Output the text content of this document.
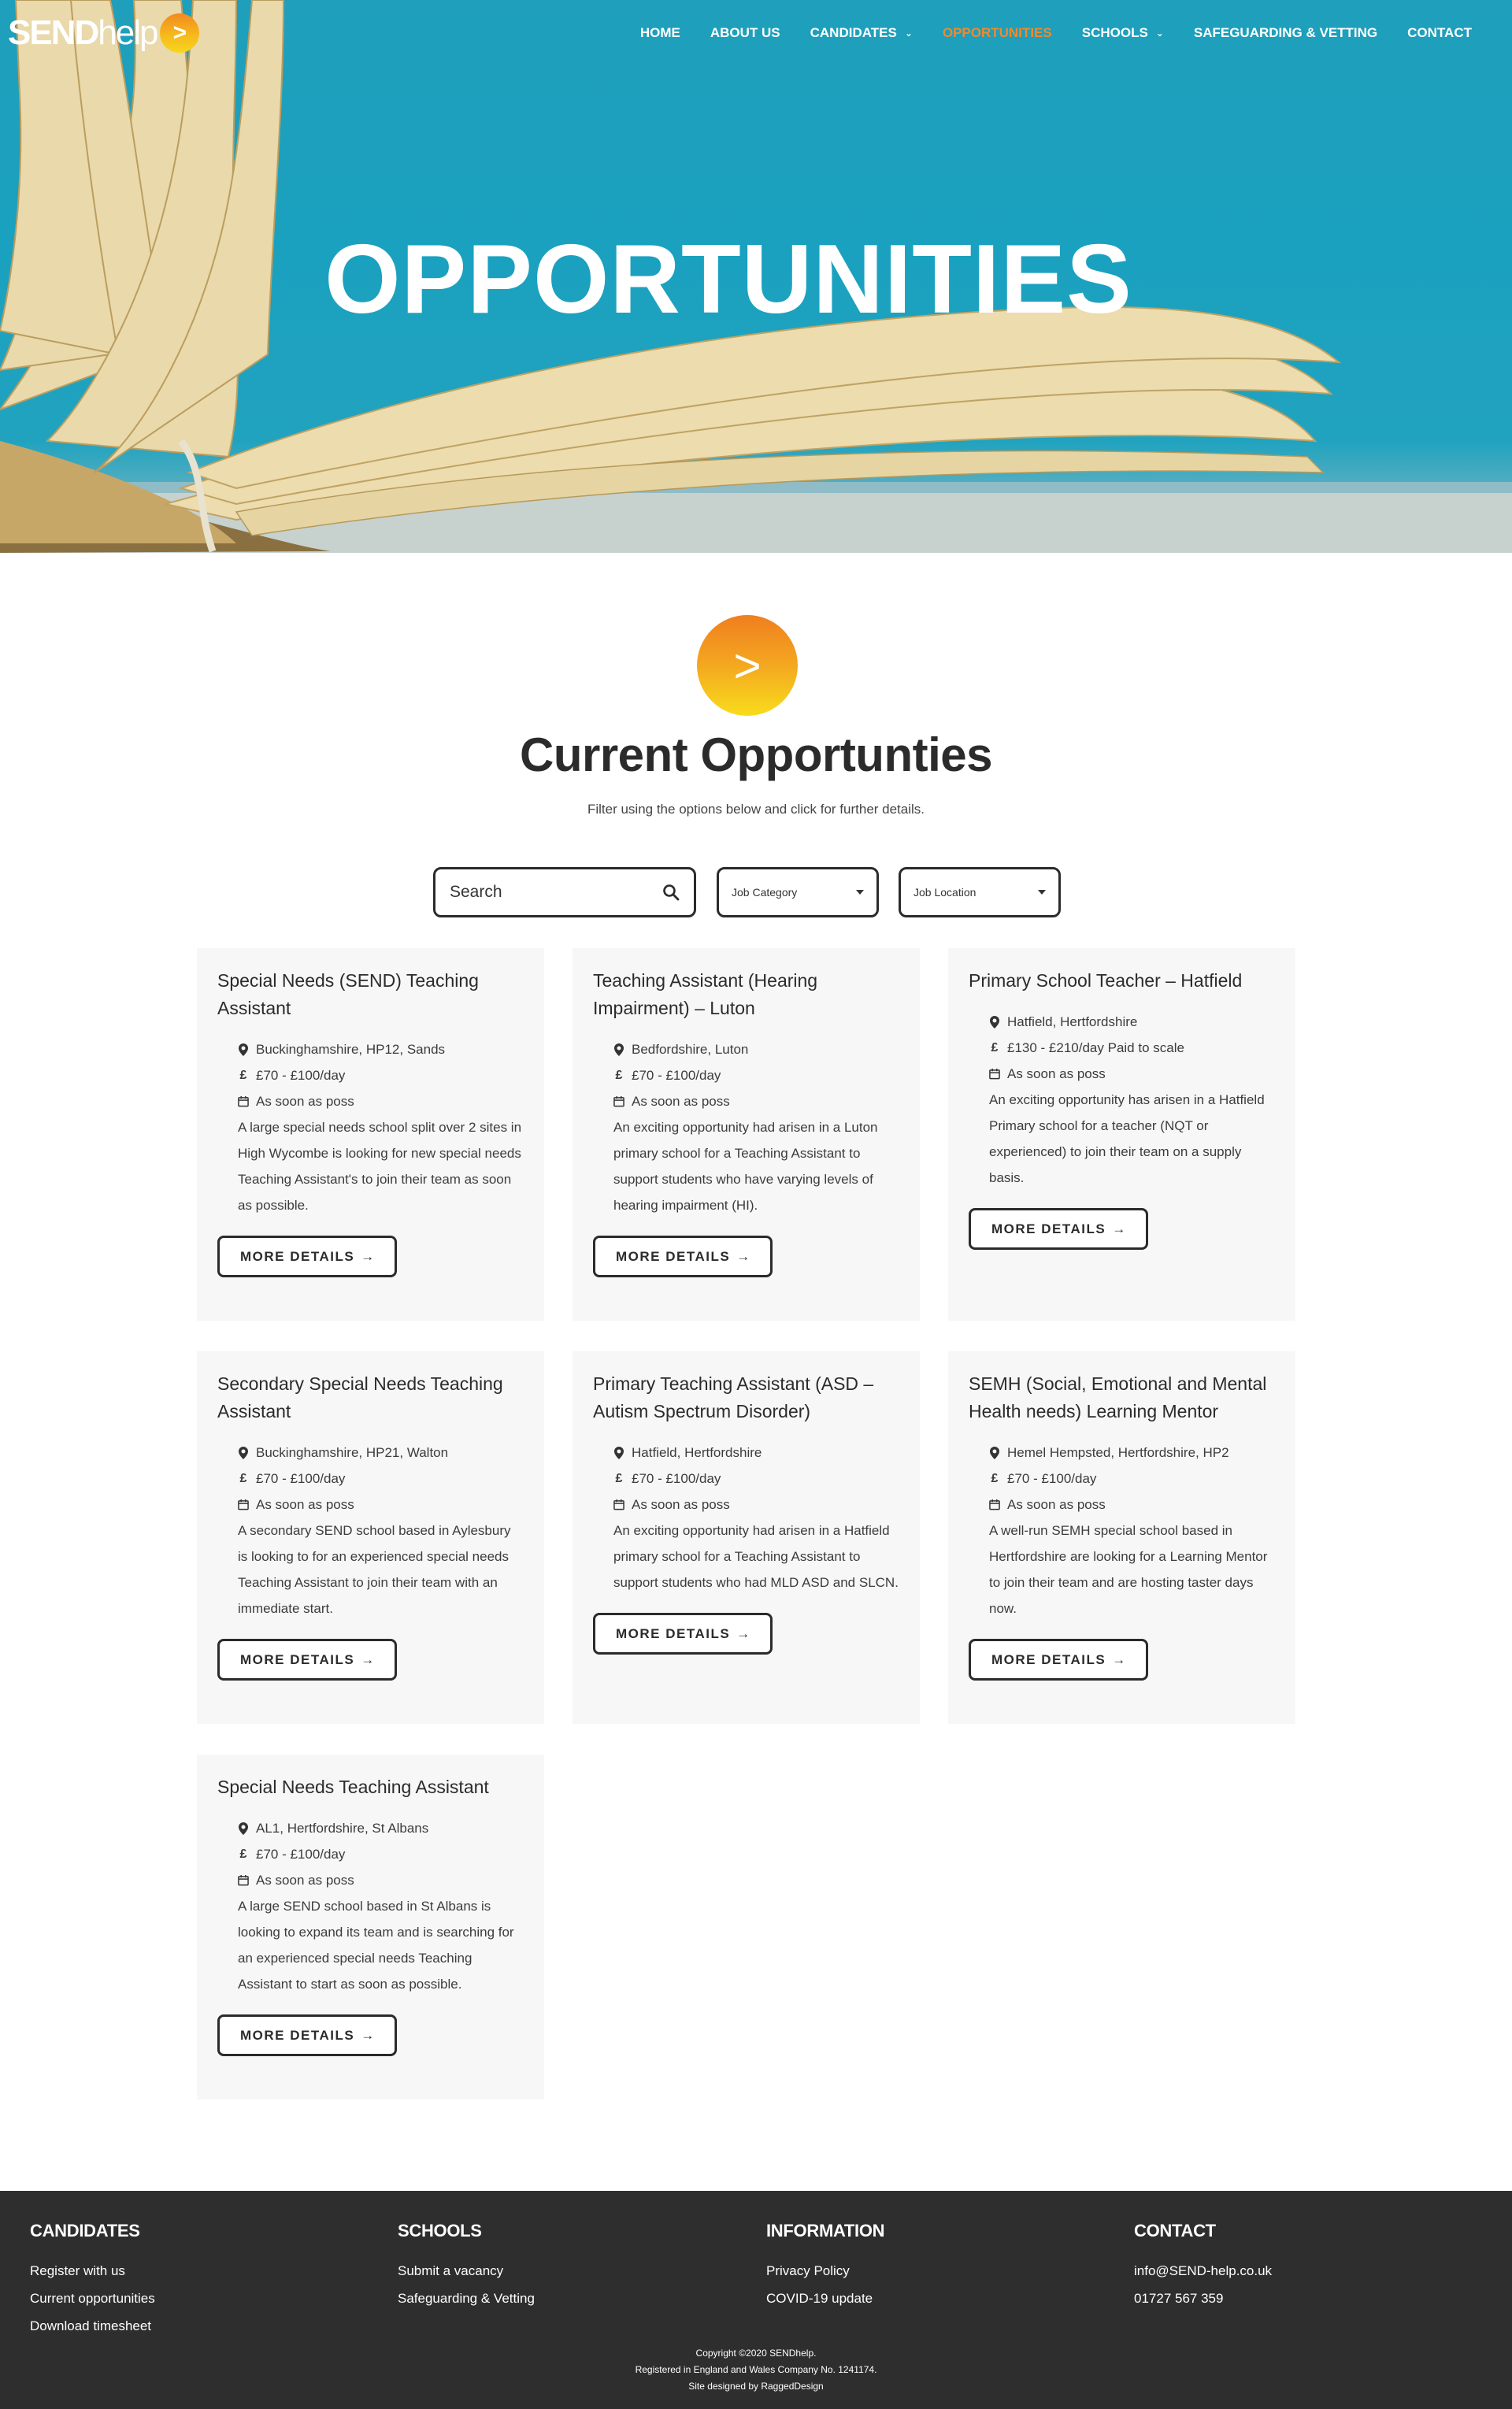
SENDhelp >	HOME	ABOUT US	CANDIDATES ⌄	OPPORTUNITIES	SCHOOLS ⌄	SAFEGUARDING & VETTING	CONTACT
OPPORTUNITIES
>
Current Opportunties

Filter using the options below and click for further details.

Search	Job Category	Job Location
Special Needs (SEND) Teaching Assistant
Buckinghamshire, HP12, Sands
£ £70 - £100/day
As soon as poss

A large special needs school split over 2 sites in High Wycombe is looking for new special needs Teaching Assistant's to join their team as soon as possible.

MORE DETAILS →
Teaching Assistant (Hearing Impairment) – Luton
Bedfordshire, Luton
£ £70 - £100/day
As soon as poss

An exciting opportunity had arisen in a Luton primary school for a Teaching Assistant to support students who have varying levels of hearing impairment (HI).

MORE DETAILS →
Primary School Teacher – Hatfield
Hatfield, Hertfordshire
£ £130 - £210/day Paid to scale
As soon as poss

An exciting opportunity has arisen in a Hatfield Primary school for a teacher (NQT or experienced) to join their team on a supply basis.

MORE DETAILS →
Secondary Special Needs Teaching Assistant
Buckinghamshire, HP21, Walton
£ £70 - £100/day
As soon as poss

A secondary SEND school based in Aylesbury is looking to for an experienced special needs Teaching Assistant to join their team with an immediate start.

MORE DETAILS →
Primary Teaching Assistant (ASD – Autism Spectrum Disorder)
Hatfield, Hertfordshire
£ £70 - £100/day
As soon as poss

An exciting opportunity had arisen in a Hatfield primary school for a Teaching Assistant to support students who had MLD ASD and SLCN.

MORE DETAILS →
SEMH (Social, Emotional and Mental Health needs) Learning Mentor
Hemel Hempsted, Hertfordshire, HP2
£ £70 - £100/day
As soon as poss

A well-run SEMH special school based in Hertfordshire are looking for a Learning Mentor to join their team and are hosting taster days now.

MORE DETAILS →
Special Needs Teaching Assistant
AL1, Hertfordshire, St Albans
£ £70 - £100/day
As soon as poss

A large SEND school based in St Albans is looking to expand its team and is searching for an experienced special needs Teaching Assistant to start as soon as possible.

MORE DETAILS →
CANDIDATES
Register with us
Current opportunities
Download timesheet
SCHOOLS
Submit a vacancy
Safeguarding & Vetting
INFORMATION
Privacy Policy
COVID-19 update
CONTACT
info@SEND-help.co.uk
01727 567 359
Copyright ©2020 SENDhelp.
Registered in England and Wales Company No. 1241174.
Site designed by RaggedDesign
